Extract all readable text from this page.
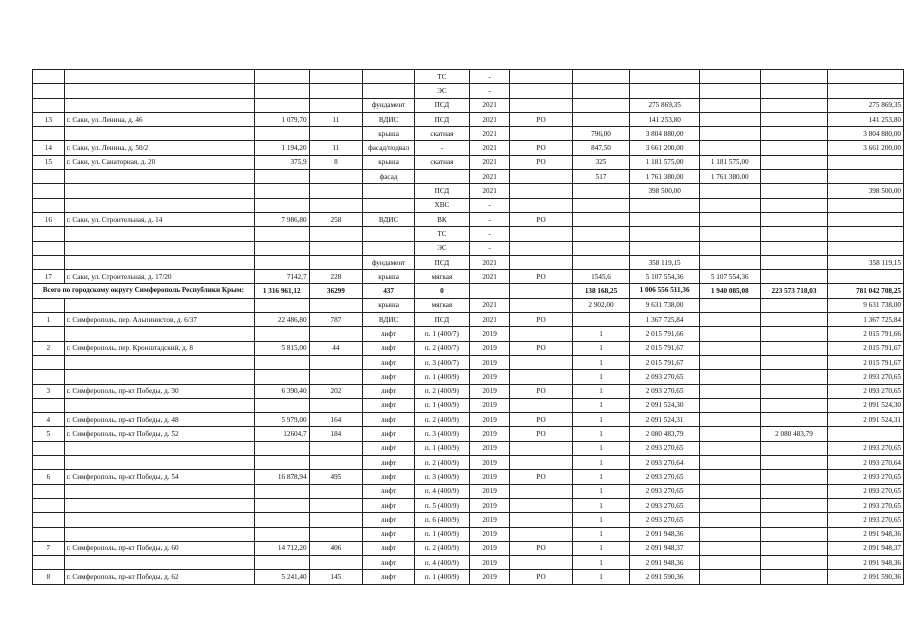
					ТС	-						
					ЭС	-						
				фундамент	ПСД	2021			275 869,35			275 869,35
13	г. Саки, ул. Ленина, д. 46	1 079,70	11	ВДИС	ПСД	2021	РО		141 253,80			141 253,80
				крыша	скатная	2021		796,00	3 804 880,00			3 804 880,00
14	г. Саки, ул. Ленина, д. 50/2	1 194,20	11	фасад/подвал	-	2021	РО	847,50	3 661 200,00			3 661 200,00
15	г. Саки, ул. Санаторная, д. 20	375,9	8	крыша	скатная	2021	РО	325	1 181 575,00	1 181 575,00		
				фасад		2021		517	1 761 380,00	1 761 380,00		
					ПСД	2021			398 500,00			398 500,00
					ХВС	-						
16	г. Саки, ул. Строительная, д. 14	7 986,80	258	ВДИС	ВК	-	РО					
					ТС	-						
					ЭС	-						
				фундамент	ПСД	2021			358 119,15			358 119,15
17	г. Саки, ул. Строительная, д. 17/20	7142,7	228	крыша	мягкая	2021	РО	1545,6	5 107 554,36	5 107 554,36		
Всего по городскому округу Симферополь Республики Крым:		1 316 961,12	36299	437	0			138 168,25	1 006 556 511,36	1 940 085,08	223 573 718,03	781 042 708,25
				крыша	мягкая	2021		2 902,00	9 631 738,00			9 631 738,00
1	г. Симферополь, пер. Альпинистов, д. 6/37	22 486,80	787	ВДИС	ПСД	2021	РО		1 367 725,84			1 367 725,84
				лифт	п. 1 (400/7)	2019		1	2 015 791,66			2 015 791,66
2	г. Симферополь, пер. Кронштадский, д. 8	5 815,00	44	лифт	п. 2 (400/7)	2019	РО	1	2 015 791,67			2 015 791,67
				лифт	п. 3 (400/7)	2019		1	2 015 791,67			2 015 791,67
				лифт	п. 1 (400/9)	2019		1	2 093 270,65			2 093 270,65
3	г. Симферополь, пр-кт Победы, д. 30	6 390,40	202	лифт	п. 2 (400/9)	2019	РО	1	2 093 270,65			2 093 270,65
				лифт	п. 1 (400/9)	2019		1	2 091 524,30			2 091 524,30
4	г. Симферополь, пр-кт Победы, д. 48	5 979,00	164	лифт	п. 2 (400/9)	2019	РО	1	2 091 524,31			2 091 524,31
5	г. Симферополь, пр-кт Победы, д. 52	12604,7	184	лифт	п. 3 (400/9)	2019	РО	1	2 080 483,79		2 080 483,79	
				лифт	п. 1 (400/9)	2019		1	2 093 270,65			2 093 270,65
				лифт	п. 2 (400/9)	2019		1	2 093 270,64			2 093 270,64
6	г. Симферополь, пр-кт Победы, д. 54	16 878,94	495	лифт	п. 3 (400/9)	2019	РО	1	2 093 270,65			2 093 270,65
				лифт	п. 4 (400/9)	2019		1	2 093 270,65			2 093 270,65
				лифт	п. 5 (400/9)	2019		1	2 093 270,65			2 093 270,65
				лифт	п. 6 (400/9)	2019		1	2 093 270,65			2 093 270,65
				лифт	п. 1 (400/9)	2019		1	2 091 948,36			2 091 948,36
7	г. Симферополь, пр-кт Победы, д. 60	14 712,20	406	лифт	п. 2 (400/9)	2019	РО	1	2 091 948,37			2 091 948,37
				лифт	п. 4 (400/9)	2019		1	2 091 948,36			2 091 948,36
8	г. Симферополь, пр-кт Победы, д. 62	5 241,40	145	лифт	п. 1 (400/9)	2019	РО	1	2 091 590,36			2 091 590,36
